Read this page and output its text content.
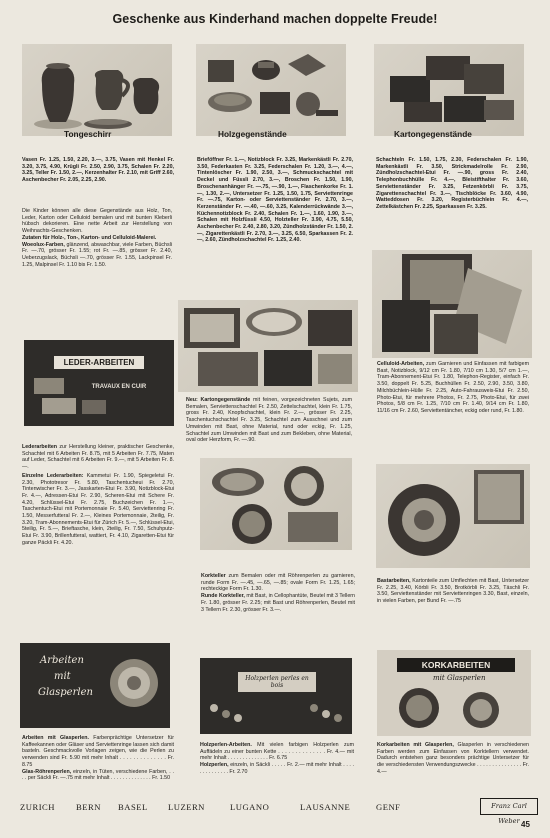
Geschenke aus Kinderhand machen doppelte Freude!
Tongeschirr	Holzgegenstände	Kartongegenstände
Vasen Fr. 1.25, 1.50, 2.20, 3.—, 3.75, Vasen mit Henkel Fr. 3.20, 3.75, 4.90, Krügli Fr. 2.50, 2.90, 3.75, Schalen Fr. 2.20, 3.25, Teller Fr. 1.50, 2.—, Kerzenhalter Fr. 2.10, mit Griff 2.60, Aschenbecher Fr. 2.05, 2.25, 2.90.
Die Kinder können alle diese Gegenstände aus Holz, Ton, Leder, Karton oder Celluloid bemalen und mit bunten Kleberli hübsch dekorieren. Eine nette Arbeit zur Herstellung von Weihnachts-Geschenken.
Zutaten für Holz-, Ton-, Karton- und Celluloid-Malerei.
Woeolux-Farben, glänzend, abwaschbar, viele Farben, Büchsli Fr. —.70, grösser Fr. 1.55; rot Fr. —.85, grösser Fr. 2.40, Ueberzugslack, Büchsli —.70, grösser Fr. 1.55, Lackpinsel Fr. 1.25, Malpinsel Fr. 1.10 bis Fr. 1.50.
LEDER-ARBEITEN
TRAVAUX EN CUIR
Lederarbeiten zur Herstellung kleiner, praktischer Geschenke, Schachtel mit 6 Arbeiten Fr. 8.75, mit 5 Arbeiten Fr. 7.75, Maten auf Leder, Schachtel mit 6 Arbeiten Fr. 9.—, mit 5 Arbeiten Fr. 8.—.
Einzelne Lederarbeiten: Kammetui Fr. 1.90, Spiegeletui Fr. 2.30, Phototresor Fr. 5.80, Taschentucheui Fr. 2.70, Tintenwischer Fr. 3.—, Jasskarten-Etui Fr. 3.90, Notizblock-Etui Fr. 4.—, Adressen-Etui Fr. 2.90, Scheren-Etui mit Schere Fr. 4.20, Schlüssel-Etui Fr. 2.75, Buchzeichen Fr. 1.—, Taschentuch-Etui mit Portemonnaie Fr. 5.40, Serviettenring Fr. 1.50, Messerfutteral Fr. 2.—, Kleines Portemonnaie, 2teilig, Fr. 3.20, Tram-Abonnements-Etui für Zürich Fr. 5.—, Schlüssel-Etui, 5teilig, Fr. 5.—, Brieftasche, klein, 2teilig, Fr. 7.50, Schuhputz-Etui Fr. 3.90, Brillenfutteral, wattiert, Fr. 4.10, Zigaretten-Etui für ganze Päckli Fr. 4.20.
Arbeiten
mit
Glasperlen
Arbeiten mit Glasperlen. Farbenprächtige Untersetzer für Kaffeekannen oder Gläser und Serviettenringe lassen sich damit basteln. Geschmackvolle Vorlagen zeigen, wie die Perlen zu verwenden sind Fr. 5.90 mit mehr Inhalt . . . . . . . . . . . . . . Fr. 8.75
Glas-Röhrenperlen, einzeln, in Tüten, verschiedene Farben, . . . . per Säckli Fr. —.75 mit mehr Inhalt . . . . . . . . . . . . . . Fr. 1.50
Brieföffner Fr. 1.—, Notizblock Fr. 3.25, Markenkästli Fr. 2.70, 3.50, Federkasten Fr. 3.25, Federschalen Fr. 1.20, 3.—, 4.—, Tintenlöscher Fr. 1.90, 2.50, 3.—, Schmuckschachtel mit Deckel und Füssli 2.70, 3.—, Broschen Fr. 1.50, 1.90, Broschenanhänger Fr. —.75, —.90, 1.—, Flaschenkorke Fr. 1.—, 1.30, 2.—, Untersetzer Fr. 1.25, 1.50, 1.75, Serviettenringe Fr. —.75, Karton- oder Serviettenständer Fr. 2.70, 3.—, Kerzenständer Fr. —.40, —.60, 3.25, Kalenderrückwände 3.—, Küchennotizblock Fr. 2.40, Schalen Fr. 1.—, 1.60, 1.90, 3.—, Schalen mit Holzfüssli 4.50, Holzteller Fr. 3.90, 4.75, 5.50, Aschenbecher Fr. 2.40, 2.80, 3.20, Zündholzständer Fr. 1.50, 2.—, Zigarettenkästli Fr. 2.70, 3.—, 3.25, 6.50, Sparkassen Fr. 2.—, 2.60, Zündholzschachtel Fr. 1.25, 2.40.
Neu: Kartongegenstände mit feinen, vorgezeichneten Sujets, zum Bemalen, Serviettenschachtel Fr. 2.50, Zettelschachtel, klein Fr. 1.75, gross Fr. 2.40, Knopfschachtel, klein Fr. 2.—, grösser Fr. 2.25, Taschentuchschachtel Fr. 3.25, Schachtel zum Ausschnei und zum Umwinden mit Bast, ohne Material, rund oder eckig, Fr. 1.25, Schachtel zum Umwinden mit Bast und zum Bekleben, ohne Material, oval oder Herzform, Fr. —.90.
Korkteller zum Bemalen oder mit Röhrenperlen zu garnieren, runde Form Fr. —.45, —.65, —.85; ovale Form Fr. 1.25, 1.65; rechteckige Form Fr. 1.30.
Runde Korkteller, mit Bast, in Cellophantüte, Beutel mit 3 Tellern Fr. 1.80, grösser Fr. 2.25; mit Bast und Röhrenperlen, Beutel mit 3 Tellern Fr. 2.30, grösser Fr. 3.—.
Holzperlen perles en bois
Holzperlen-Arbeiten. Mit vielen farbigen Holzperlen zum Auffädeln zu einer bunten Kette . . . . . . . . . . . . . . Fr. 4.— mit mehr Inhalt . . . . . . . . . . . . . . Fr. 6.75
Holzperlen, einzeln, in Säckli . . . . . Fr. 2.— mit mehr Inhalt . . . . . . . . . . . . . . Fr. 2.70
Schachteln Fr. 1.50, 1.75, 2.30, Federschalen Fr. 1.90, Markenkästli Fr. 3.50, Strickmadelrolle Fr. 2.90, Zündholzschachtel-Etui Fr. —.90, gross Fr. 2.40, Telephonbuchhülle Fr. 4.—, Bleistifthalter Fr. 3.60, Serviettenständer Fr. 3.25, Fetzenkörbli Fr. 3.75, Zigarettenschachtel Fr. 3.—, Tischblöcke Fr. 3.60, 4.90, Watteddosen Fr. 3.20, Registerbüchlein Fr. 4.—, Zettelkästchen Fr. 2.25, Sparkassen Fr. 3.25.
Celluloid-Arbeiten, zum Garnieren und Einfassen mit farbigem Bast, Notizblock, 9/12 cm Fr. 1.80, 7/10 cm 1.30, 5/7 cm 1.—, Tram-Abonnement-Etui Fr. 1.80, Telephon-Register, einfach Fr. 3.50, doppelt Fr. 5.25, Buchhüllen Fr. 2.50, 2.90, 3.50, 3.80, Milchbüchlein-Hülle Fr. 2.25, Auto-Fahrausweis-Etui Fr. 2.50, Photo-Etui, für mehrere Photos, Fr. 2.75, Photo-Etui, für zwei Photos, 5/8 cm Fr. 1.25, 7/10 cm Fr. 1.40, 9/14 cm Fr. 1.80, 11/16 cm Fr. 2.60, Serviettentäncher, eckig oder rund, Fr. 1.80.
Bastarbeiten, Kartonteile zum Umflechten mit Bast, Untersetzer Fr. 2.25, 3.40, Körbli Fr. 3.50, Brotkörbli Fr. 3.25, Täschli Fr. 3.50, Serviettenständer mit Serviettenringen 3.30, Bast, einzeln, in vielen Farben, per Bund Fr. —.75
KORKARBEITEN
mit Glasperlen
Korkarbeiten mit Glasperlen, Glasperlen in verschiedenen Farben werden zum Einfassen von Korktellern verwendet. Dadurch entstehen ganz besonders prächtige Untersetzer für die verschiedensten Verwendungszwecke . . . . . . . . . . . . . . . Fr. 4.—
ZURICH BERN BASEL LUZERN	LUGANO	LAUSANNE	GENF	Franz Carl Weber 45
